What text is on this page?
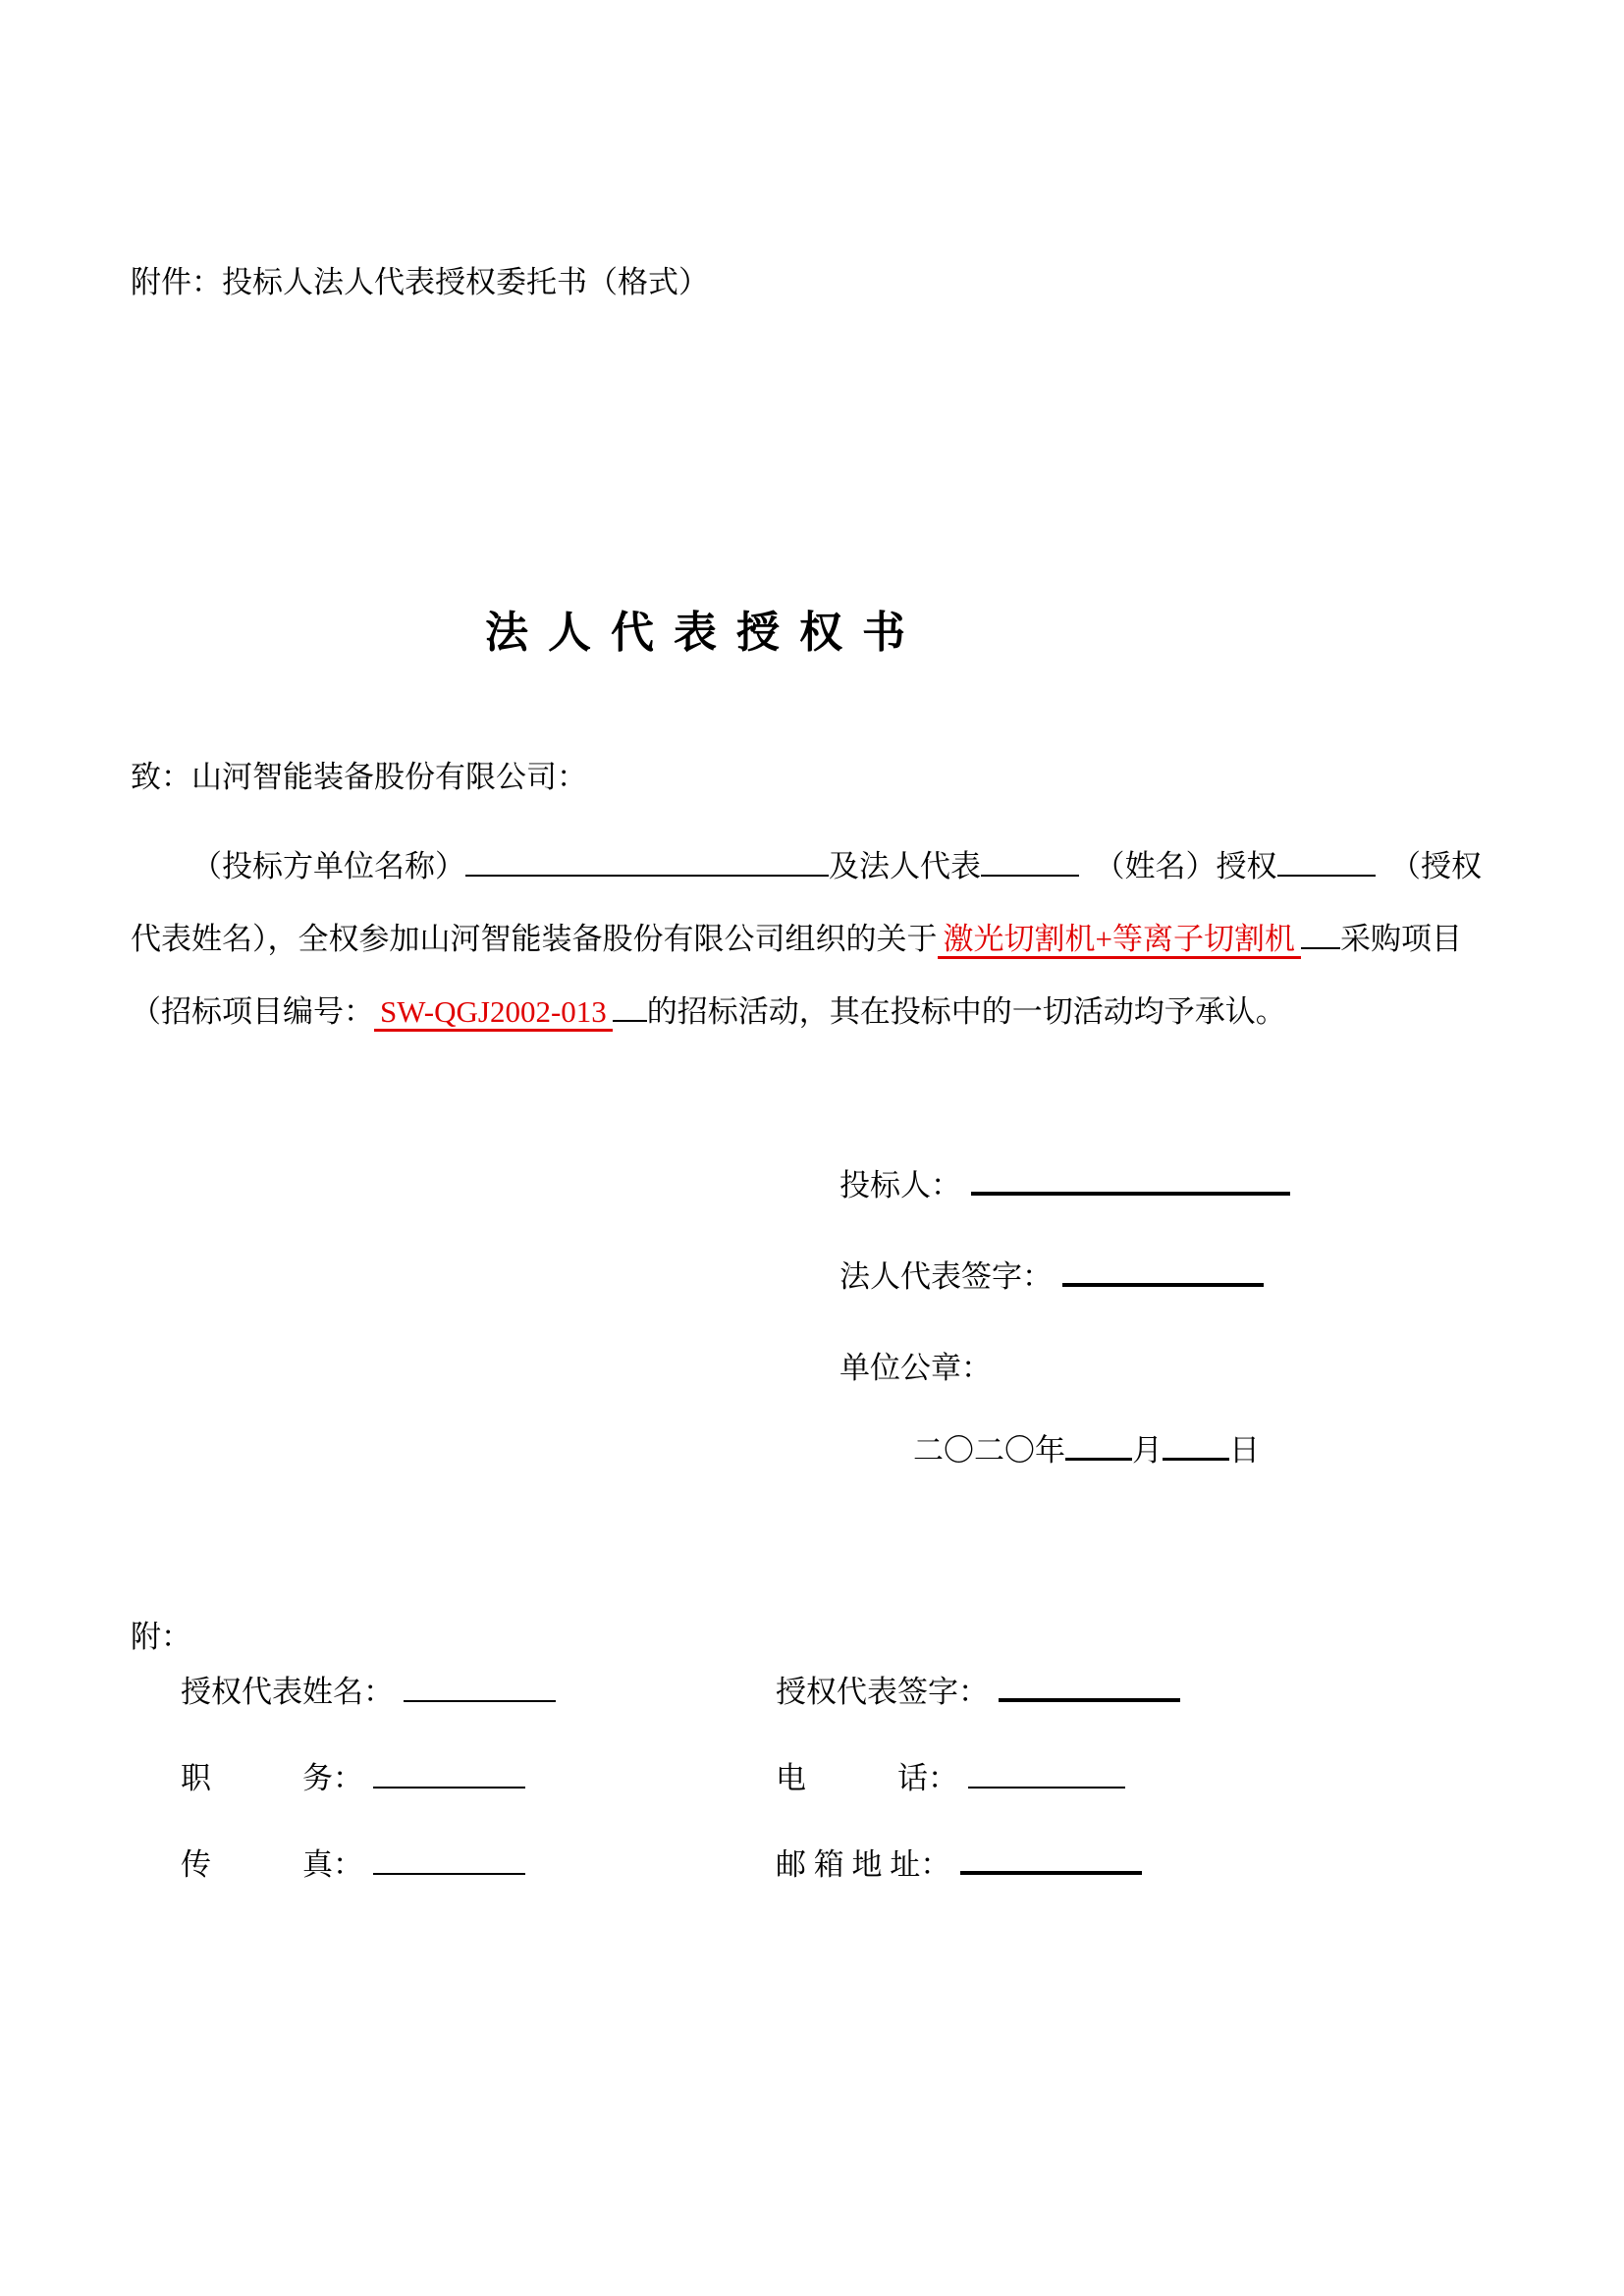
附件：投标人法人代表授权委托书（格式）
法人代表授权书
致：山河智能装备股份有限公司：
（投标方单位名称）	及法人代表　	（姓名）授权　	（授权
代表姓名），全权参加山河智能装备股份有限公司组织的关于 激光切割机+等离子切割机 采购项目
（招标项目编号： SW-QGJ2002-013 的招标活动，其在投标中的一切活动均予承认。
投标人：
法人代表签字：
单位公章：
二〇二〇年 月 日
附：
授权代表姓名：	授权代表签字：
职　　　务：	电　　　话：
传　　　真：	邮 箱 地 址：
